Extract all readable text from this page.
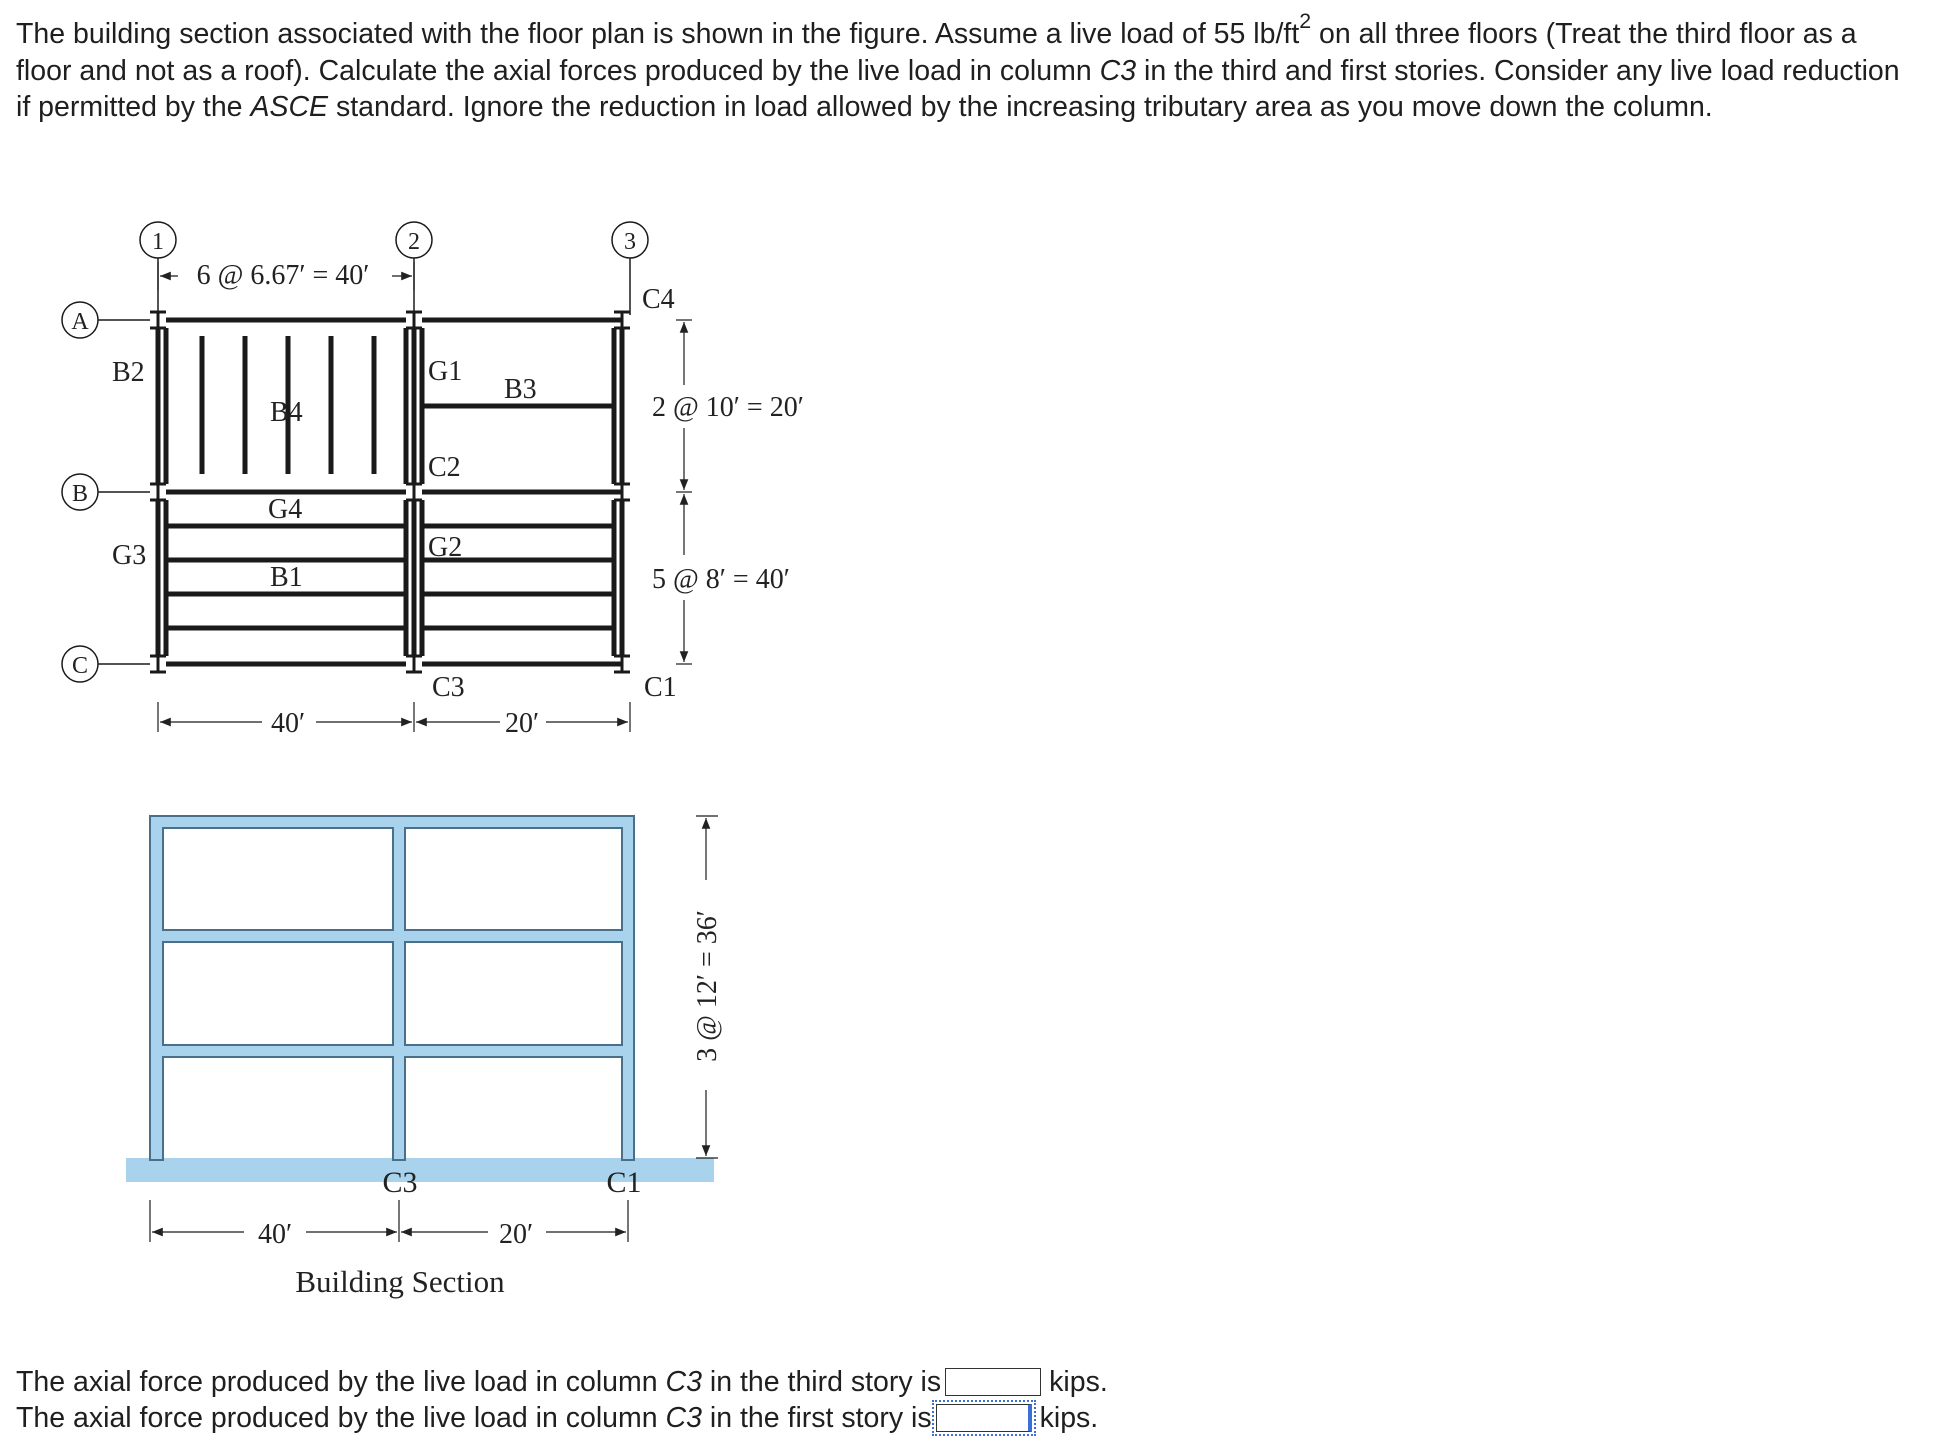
The building section associated with the floor plan is shown in the figure. Assume a live load of 55 $lb/ft^2$ on all three floors (Treat the third floor as a floor and not as a roof). Calculate the axial forces produced by the live load in column C3 in the third and first stories. Consider any live load reduction if permitted by the ASCE standard. Ignore the reduction in load allowed by the increasing tributary area as you move down the column.

1	2	3
A
B
C
6 @ 6.67′ = 40′
2 @ 10′ = 20′
5 @ 8′ = 40′
40′	20′
B2
B4
G1
B3
C2
C4
G4
G3	G2
B1
C3	C1
3 @ 12′ = 36′
C3	C1
40′	20′
Building Section
The axial force produced by the live load in column C3 in the third story is	kips.
The axial force produced by the live load in column C3 in the first story is	kips.
